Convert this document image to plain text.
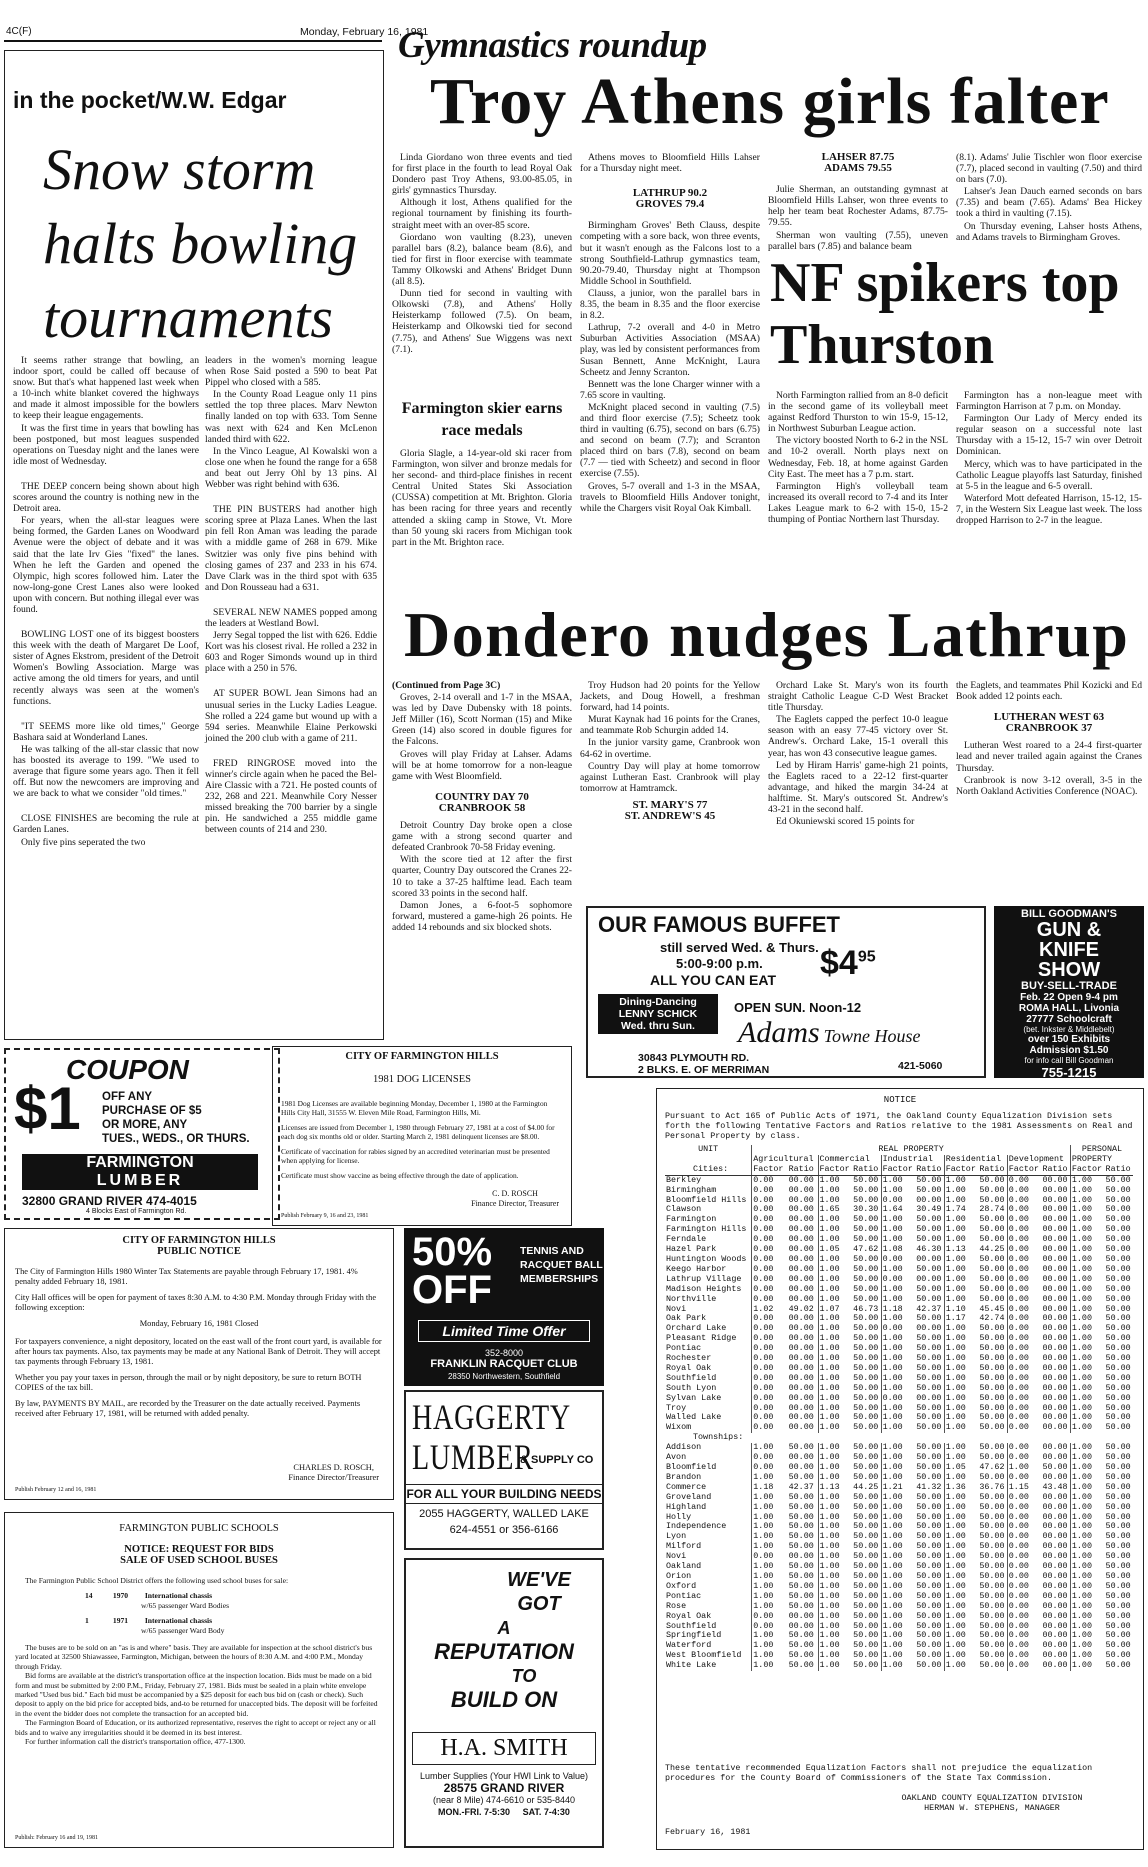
4C(F)	Monday, February 16, 1981
Gymnastics roundup
in the pocket/W.W. Edgar
Snow storm halts bowling tournaments

It seems rather strange that bowling, an indoor sport, could be called off because of snow. But that's what happened last week when a 10-inch white blanket covered the highways and made it almost impossible for the bowlers to keep their league engagements.

It was the first time in years that bowling has been postponed, but most leagues suspended operations on Tuesday night and the lanes were idle most of Wednesday.

THE DEEP concern being shown about high scores around the country is nothing new in the Detroit area.

For years, when the all-star leagues were being formed, the Garden Lanes on Woodward Avenue were the object of debate and it was said that the late Irv Gies "fixed" the lanes. When he left the Garden and opened the Olympic, high scores followed him. Later the now-long-gone Crest Lanes also were looked upon with concern. But nothing illegal ever was found.

BOWLING LOST one of its biggest boosters this week with the death of Margaret De Loof, sister of Agnes Ekstrom, president of the Detroit Women's Bowling Association. Marge was active among the old timers for years, and until recently always was seen at the women's functions.

"IT SEEMS more like old times," George Bashara said at Wonderland Lanes.

He was talking of the all-star classic that now has boosted its average to 199. "We used to average that figure some years ago. Then it fell off. But now the newcomers are improving and we are back to what we consider "old times."

CLOSE FINISHES are becoming the rule at Garden Lanes.

Only five pins seperated the two

leaders in the women's morning league when Rose Said posted a 590 to beat Pat Pippel who closed with a 585.

In the County Road League only 11 pins settled the top three places. Marv Newton finally landed on top with 633. Tom Senne was next with 624 and Ken McLenon landed third with 622.

In the Vinco League, Al Kowalski won a close one when he found the range for a 658 and beat out Jerry Ohl by 13 pins. Al Webber was right behind with 636.

THE PIN BUSTERS had another high scoring spree at Plaza Lanes. When the last pin fell Ron Aman was leading the parade with a middle game of 268 in 679. Mike Switzier was only five pins behind with closing games of 237 and 233 in his 674. Dave Clark was in the third spot with 635 and Don Rousseau had a 631.

SEVERAL NEW NAMES popped among the leaders at Westland Bowl.

Jerry Segal topped the list with 626. Eddie Kort was his closest rival. He rolled a 232 in 603 and Roger Simonds wound up in third place with a 250 in 576.

AT SUPER BOWL Jean Simons had an unusual series in the Lucky Ladies League. She rolled a 224 game but wound up with a 594 series. Meanwhile Elaine Perkowski joined the 200 club with a game of 211.

FRED RINGROSE moved into the winner's circle again when he paced the Bel-Aire Classic with a 721. He posted counts of 232, 268 and 221. Meanwhile Cory Nesser missed breaking the 700 barrier by a single pin. He sandwiched a 255 middle game between counts of 214 and 230.

Troy Athens girls falter

Linda Giordano won three events and tied for first place in the fourth to lead Royal Oak Dondero past Troy Athens, 93.00-85.05, in girls' gymnastics Thursday.

Although it lost, Athens qualified for the regional tournament by finishing its fourth-straight meet with an over-85 score.

Giordano won vaulting (8.23), uneven parallel bars (8.2), balance beam (8.6), and tied for first in floor exercise with teammate Tammy Olkowski and Athens' Bridget Dunn (all 8.5).

Dunn tied for second in vaulting with Olkowski (7.8), and Athens' Holly Heisterkamp followed (7.5). On beam, Heisterkamp and Olkowski tied for second (7.75), and Athens' Sue Wiggens was next (7.1).

Farmington skier earns race medals

Gloria Slagle, a 14-year-old ski racer from Farmington, won silver and bronze medals for her second- and third-place finishes in recent Central United States Ski Association (CUSSA) competition at Mt. Brighton. Gloria has been racing for three years and recently attended a skiing camp in Stowe, Vt. More than 50 young ski racers from Michigan took part in the Mt. Brighton race.

Athens moves to Bloomfield Hills Lahser for a Thursday night meet.

LATHRUP 90.2
GROVES 79.4

Birmingham Groves' Beth Clauss, despite competing with a sore back, won three events, but it wasn't enough as the Falcons lost to a strong Southfield-Lathrup gymnastics team, 90.20-79.40, Thursday night at Thompson Middle School in Southfield.

Clauss, a junior, won the parallel bars in 8.35, the beam in 8.35 and the floor exercise in 8.2.

Lathrup, 7-2 overall and 4-0 in Metro Suburban Activities Association (MSAA) play, was led by consistent performances from Susan Bennett, Anne McKnight, Laura Scheetz and Jenny Scranton.

Bennett was the lone Charger winner with a 7.65 score in vaulting.

McKnight placed second in vaulting (7.5) and third floor exercise (7.5); Scheetz took third in vaulting (6.75), second on bars (6.75) and second on beam (7.7); and Scranton placed third on bars (7.8), second on beam (7.7 — tied with Scheetz) and second in floor exercise (7.55).

Groves, 5-7 overall and 1-3 in the MSAA, travels to Bloomfield Hills Andover tonight, while the Chargers visit Royal Oak Kimball.

LAHSER 87.75
ADAMS 79.55

Julie Sherman, an outstanding gymnast at Bloomfield Hills Lahser, won three events to help her team beat Rochester Adams, 87.75-79.55.

Sherman won vaulting (7.55), uneven parallel bars (7.85) and balance beam

(8.1). Adams' Julie Tischler won floor exercise (7.7), placed second in vaulting (7.50) and third on bars (7.0).

Lahser's Jean Dauch earned seconds on bars (7.35) and beam (7.65). Adams' Bea Hickey took a third in vaulting (7.15).

On Thursday evening, Lahser hosts Athens, and Adams travels to Birmingham Groves.

NF spikers top Thurston

North Farmington rallied from an 8-0 deficit in the second game of its volleyball meet against Redford Thurston to win 15-9, 15-12, in Northwest Suburban League action.

The victory boosted North to 6-2 in the NSL and 10-2 overall. North plays next on Wednesday, Feb. 18, at home against Garden City East. The meet has a 7 p.m. start.

Farmington High's volleyball team increased its overall record to 7-4 and its Inter Lakes League mark to 6-2 with 15-0, 15-2 thumping of Pontiac Northern last Thursday.

Farmington has a non-league meet with Farmington Harrison at 7 p.m. on Monday.

Farmington Our Lady of Mercy ended its regular season on a successful note last Thursday with a 15-12, 15-7 win over Detroit Dominican.

Mercy, which was to have participated in the Catholic League playoffs last Saturday, finished at 5-5 in the league and 6-5 overall.

Waterford Mott defeated Harrison, 15-12, 15-7, in the Western Six League last week. The loss dropped Harrison to 2-7 in the league.

Dondero nudges Lathrup

(Continued from Page 3C)

Groves, 2-14 overall and 1-7 in the MSAA, was led by Dave Dubensky with 18 points. Jeff Miller (16), Scott Norman (15) and Mike Green (14) also scored in double figures for the Falcons.

Groves will play Friday at Lahser. Adams will be at home tomorrow for a non-league game with West Bloomfield.

COUNTRY DAY 70
CRANBROOK 58

Detroit Country Day broke open a close game with a strong second quarter and defeated Cranbrook 70-58 Friday evening.

With the score tied at 12 after the first quarter, Country Day outscored the Cranes 22-10 to take a 37-25 halftime lead. Each team scored 33 points in the second half.

Damon Jones, a 6-foot-5 sophomore forward, mustered a game-high 26 points. He added 14 rebounds and six blocked shots.

Troy Hudson had 20 points for the Yellow Jackets, and Doug Howell, a freshman forward, had 14 points.

Murat Kaynak had 16 points for the Cranes, and teammate Rob Schurgin added 14.

In the junior varsity game, Cranbrook won 64-62 in overtime.

Country Day will play at home tomorrow against Lutheran East. Cranbrook will play tomorrow at Hamtramck.

ST. MARY'S 77
ST. ANDREW'S 45

Orchard Lake St. Mary's won its fourth straight Catholic League C-D West Bracket title Thursday.

The Eaglets capped the perfect 10-0 league season with an easy 77-45 victory over St. Andrew's. Orchard Lake, 15-1 overall this year, has won 43 consecutive league games.

Led by Hiram Harris' game-high 21 points, the Eaglets raced to a 22-12 first-quarter advantage, and hiked the margin 34-24 at halftime. St. Mary's outscored St. Andrew's 43-21 in the second half.

Ed Okuniewski scored 15 points for

the Eaglets, and teammates Phil Kozicki and Ed Book added 12 points each.

LUTHERAN WEST 63
CRANBROOK 37

Lutheran West roared to a 24-4 first-quarter lead and never trailed again against the Cranes Thursday.

Cranbrook is now 3-12 overall, 3-5 in the North Oakland Activities Conference (NOAC).

OUR FAMOUS BUFFET
still served Wed. & Thurs.
5:00-9:00 p.m.
ALL YOU CAN EAT $\$4^{95}$
Dining-Dancing
LENNY SCHICK
Wed. thru Sun.
OPEN SUN. Noon-12
Adams Towne House
30843 PLYMOUTH RD.
2 BLKS. E. OF MERRIMAN	421-5060
BILL GOODMAN'S
GUN &
KNIFE
SHOW
BUY-SELL-TRADE
Feb. 22 Open 9-4 pm
ROMA HALL, Livonia
27777 Schoolcraft
(bet. Inkster & Middlebelt)
over 150 Exhibits
Admission $1.50
for info call Bill Goodman
755-1215
COUPON
$1 OFF ANY
PURCHASE OF $5
OR MORE, ANY
TUES., WEDS., OR THURS.
FARMINGTON
LUMBER
32800 GRAND RIVER 474-4015
4 Blocks East of Farmington Rd.
CITY OF FARMINGTON HILLS
1981 DOG LICENSES

1981 Dog Licenses are available beginning Monday, December 1, 1980 at the Farmington Hills City Hall, 31555 W. Eleven Mile Road, Farmington Hills, Mi.

Licenses are issued from December 1, 1980 through February 27, 1981 at a cost of $4.00 for each dog six months old or older. Starting March 2, 1981 delinquent licenses are $8.00.

Certificate of vaccination for rabies signed by an accredited veterinarian must be presented when applying for license.

Certificate must show vaccine as being effective through the date of application.

C. D. ROSCH
Finance Director, Treasurer
Publish February 9, 16 and 23, 1981
CITY OF FARMINGTON HILLS
PUBLIC NOTICE

The City of Farmington Hills 1980 Winter Tax Statements are payable through February 17, 1981. 4% penalty added February 18, 1981.

City Hall offices will be open for payment of taxes 8:30 A.M. to 4:30 P.M. Monday through Friday with the following exception:

Monday, February 16, 1981 Closed

For taxpayers convenience, a night depository, located on the east wall of the front court yard, is available for after hours tax payments. Also, tax payments may be made at any National Bank of Detroit. They will accept tax payments through February 13, 1981.

Whether you pay your taxes in person, through the mail or by night depository, be sure to return BOTH COPIES of the tax bill.

By law, PAYMENTS BY MAIL, are recorded by the Treasurer on the date actually received. Payments received after February 17, 1981, will be returned with added penalty.

CHARLES D. ROSCH,
Finance Director/Treasurer
Publish February 12 and 16, 1981
FARMINGTON PUBLIC SCHOOLS
NOTICE: REQUEST FOR BIDS
SALE OF USED SCHOOL BUSES

The Farmington Public School District offers the following used school buses for sale:

14	1970 International chassis
w/65 passenger Ward Bodies
1	1971 International chassis
w/65 passenger Ward Body

The buses are to be sold on an "as is and where" basis. They are available for inspection at the school district's bus yard located at 32500 Shiawassee, Farmington, Michigan, between the hours of 8:30 A.M. and 4:00 P.M., Monday through Friday.

Bid forms are available at the district's transportation office at the inspection location. Bids must be made on a bid form and must be submitted by 2:00 P.M., Friday, February 27, 1981. Bids must be sealed in a plain white envelope marked "Used bus bid." Each bid must be accompanied by a $25 deposit for each bus bid on (cash or check). Such deposit to apply on the bid price for accepted bids, and-to be returned for unaccepted bids. The deposit will be forfeited in the event the bidder does not complete the transaction for an accepted bid.

The Farmington Board of Education, or its authorized representative, reserves the right to accept or reject any or all bids and to waive any irregularities should it be deemed in its best interest.

For further information call the district's transportation office, 477-1300.

Publish: February 16 and 19, 1981
50%
OFF
TENNIS AND
RACQUET BALL
MEMBERSHIPS
Limited Time Offer
352-8000
FRANKLIN RACQUET CLUB
28350 Northwestern, Southfield
HAGGERTY
LUMBER
& SUPPLY CO
FOR ALL YOUR BUILDING NEEDS
2055 HAGGERTY, WALLED LAKE
624-4551 or 356-6166
WE'VE
GOT
A
REPUTATION
TO
BUILD ON
H.A. SMITH
Lumber Supplies (Your HWI Link to Value)
28575 GRAND RIVER
(near 8 Mile) 474-6610 or 535-8440
MON.-FRI. 7-5:30 SAT. 7-4:30
NOTICE
Pursuant to Act 165 of Public Acts of 1971, the Oakland County Equalization Division sets forth the following Tentative Factors and Ratios relative to the 1981 Assessments on Real and Personal Property by class.
UNIT	REAL PROPERTY										PERSONAL	
	Agricultural		Commercial		Industrial		Residential		Development		PROPERTY	
Cities:	Factor	Ratio	Factor	Ratio	Factor	Ratio	Factor	Ratio	Factor	Ratio	Factor	Ratio
Berkley	0.00	00.00	1.00	50.00	1.00	50.00	1.00	50.00	0.00	00.00	1.00	50.00
Birmingham	0.00	00.00	1.00	50.00	1.00	50.00	1.00	50.00	0.00	00.00	1.00	50.00
Bloomfield Hills	0.00	00.00	1.00	50.00	0.00	00.00	1.00	50.00	0.00	00.00	1.00	50.00
Clawson	0.00	00.00	1.65	30.30	1.64	30.49	1.74	28.74	0.00	00.00	1.00	50.00
Farmington	0.00	00.00	1.00	50.00	1.00	50.00	1.00	50.00	0.00	00.00	1.00	50.00
Farmington Hills	0.00	00.00	1.00	50.00	1.00	50.00	1.00	50.00	0.00	00.00	1.00	50.00
Ferndale	0.00	00.00	1.00	50.00	1.00	50.00	1.00	50.00	0.00	00.00	1.00	50.00
Hazel Park	0.00	00.00	1.05	47.62	1.08	46.30	1.13	44.25	0.00	00.00	1.00	50.00
Huntington Woods	0.00	00.00	1.00	50.00	0.00	00.00	1.00	50.00	0.00	00.00	1.00	50.00
Keego Harbor	0.00	00.00	1.00	50.00	1.00	50.00	1.00	50.00	0.00	00.00	1.00	50.00
Lathrup Village	0.00	00.00	1.00	50.00	0.00	00.00	1.00	50.00	0.00	00.00	1.00	50.00
Madison Heights	0.00	00.00	1.00	50.00	1.00	50.00	1.00	50.00	0.00	00.00	1.00	50.00
Northville	0.00	00.00	1.00	50.00	1.00	50.00	1.00	50.00	0.00	00.00	1.00	50.00
Novi	1.02	49.02	1.07	46.73	1.18	42.37	1.10	45.45	0.00	00.00	1.00	50.00
Oak Park	0.00	00.00	1.00	50.00	1.00	50.00	1.17	42.74	0.00	00.00	1.00	50.00
Orchard Lake	0.00	00.00	1.00	50.00	0.00	00.00	1.00	50.00	0.00	00.00	1.00	50.00
Pleasant Ridge	0.00	00.00	1.00	50.00	1.00	50.00	1.00	50.00	0.00	00.00	1.00	50.00
Pontiac	0.00	00.00	1.00	50.00	1.00	50.00	1.00	50.00	0.00	00.00	1.00	50.00
Rochester	0.00	00.00	1.00	50.00	1.00	50.00	1.00	50.00	0.00	00.00	1.00	50.00
Royal Oak	0.00	00.00	1.00	50.00	1.00	50.00	1.00	50.00	0.00	00.00	1.00	50.00
Southfield	0.00	00.00	1.00	50.00	1.00	50.00	1.00	50.00	0.00	00.00	1.00	50.00
South Lyon	0.00	00.00	1.00	50.00	1.00	50.00	1.00	50.00	0.00	00.00	1.00	50.00
Sylvan Lake	0.00	00.00	1.00	50.00	0.00	00.00	1.00	50.00	0.00	00.00	1.00	50.00
Troy	0.00	00.00	1.00	50.00	1.00	50.00	1.00	50.00	0.00	00.00	1.00	50.00
Walled Lake	0.00	00.00	1.00	50.00	1.00	50.00	1.00	50.00	0.00	00.00	1.00	50.00
Wixom	0.00	00.00	1.00	50.00	1.00	50.00	1.00	50.00	0.00	00.00	1.00	50.00
Townships:												
Addison	1.00	50.00	1.00	50.00	1.00	50.00	1.00	50.00	0.00	00.00	1.00	50.00
Avon	0.00	00.00	1.00	50.00	1.00	50.00	1.00	50.00	0.00	00.00	1.00	50.00
Bloomfield	0.00	00.00	1.00	50.00	1.00	50.00	1.05	47.62	1.00	50.00	1.00	50.00
Brandon	1.00	50.00	1.00	50.00	1.00	50.00	1.00	50.00	0.00	00.00	1.00	50.00
Commerce	1.18	42.37	1.13	44.25	1.21	41.32	1.36	36.76	1.15	43.48	1.00	50.00
Groveland	1.00	50.00	1.00	50.00	1.00	50.00	1.00	50.00	0.00	00.00	1.00	50.00
Highland	1.00	50.00	1.00	50.00	1.00	50.00	1.00	50.00	0.00	00.00	1.00	50.00
Holly	1.00	50.00	1.00	50.00	1.00	50.00	1.00	50.00	0.00	00.00	1.00	50.00
Independence	1.00	50.00	1.00	50.00	1.00	50.00	1.00	50.00	0.00	00.00	1.00	50.00
Lyon	1.00	50.00	1.00	50.00	1.00	50.00	1.00	50.00	0.00	00.00	1.00	50.00
Milford	1.00	50.00	1.00	50.00	1.00	50.00	1.00	50.00	0.00	00.00	1.00	50.00
Novi	0.00	00.00	1.00	50.00	1.00	50.00	1.00	50.00	0.00	00.00	1.00	50.00
Oakland	1.00	50.00	1.00	50.00	1.00	50.00	1.00	50.00	0.00	00.00	1.00	50.00
Orion	1.00	50.00	1.00	50.00	1.00	50.00	1.00	50.00	0.00	00.00	1.00	50.00
Oxford	1.00	50.00	1.00	50.00	1.00	50.00	1.00	50.00	0.00	00.00	1.00	50.00
Pontiac	1.00	50.00	1.00	50.00	1.00	50.00	1.00	50.00	0.00	00.00	1.00	50.00
Rose	1.00	50.00	1.00	50.00	1.00	50.00	1.00	50.00	0.00	00.00	1.00	50.00
Royal Oak	0.00	00.00	1.00	50.00	1.00	50.00	1.00	50.00	0.00	00.00	1.00	50.00
Southfield	0.00	00.00	1.00	50.00	1.00	50.00	1.00	50.00	0.00	00.00	1.00	50.00
Springfield	1.00	50.00	1.00	50.00	1.00	50.00	1.00	50.00	0.00	00.00	1.00	50.00
Waterford	1.00	50.00	1.00	50.00	1.00	50.00	1.00	50.00	0.00	00.00	1.00	50.00
West Bloomfield	1.00	50.00	1.00	50.00	1.00	50.00	1.00	50.00	0.00	00.00	1.00	50.00
White Lake	1.00	50.00	1.00	50.00	1.00	50.00	1.00	50.00	0.00	00.00	1.00	50.00
These tentative recommended Equalization Factors shall not prejudice the equalization procedures for the County Board of Commissioners of the State Tax Commission.
OAKLAND COUNTY EQUALIZATION DIVISION
HERMAN W. STEPHENS, MANAGER
February 16, 1981
